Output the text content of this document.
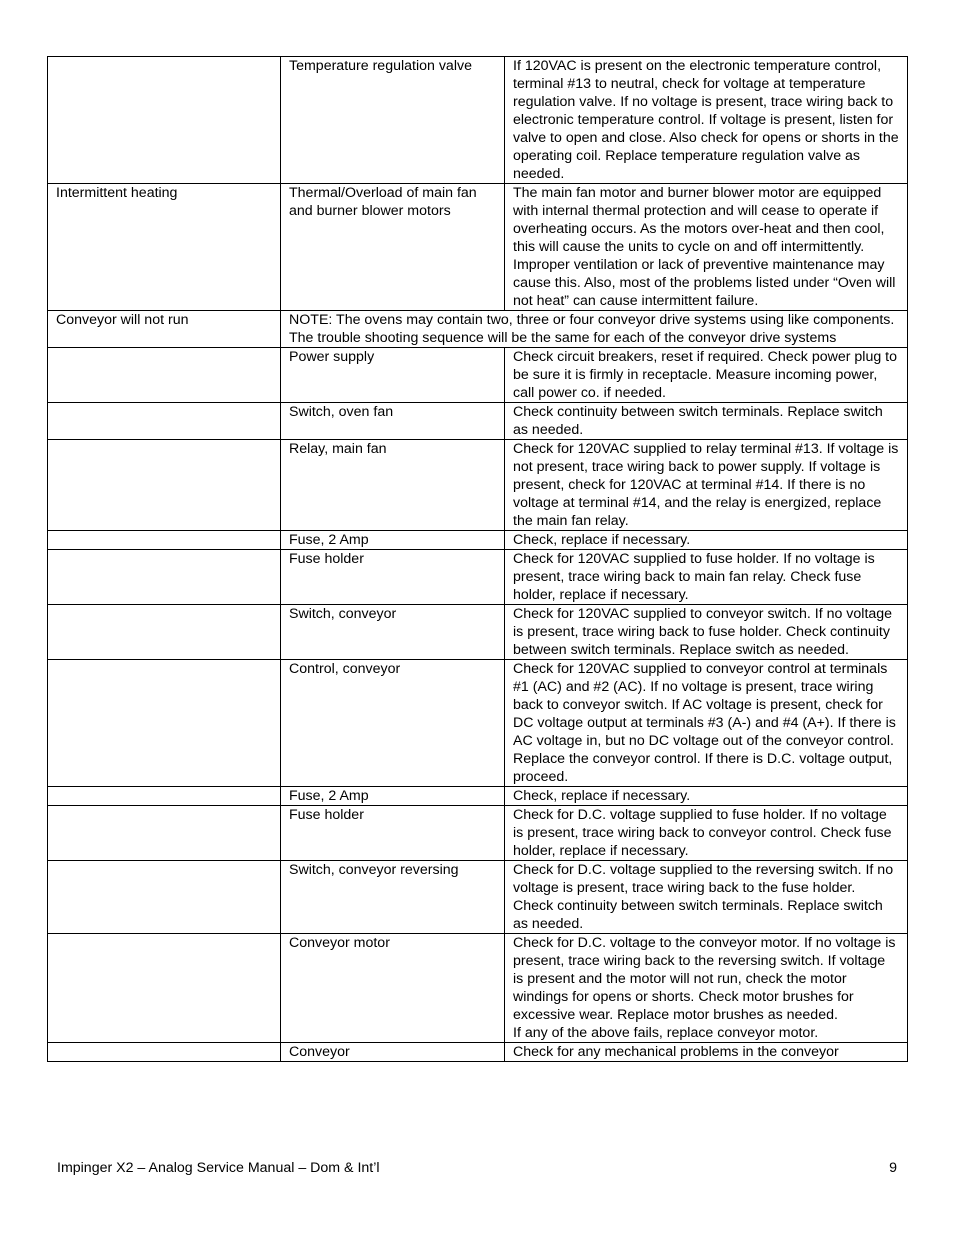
	Temperature regulation valve	If 120VAC is present on the electronic temperature control, terminal #13 to neutral, check for voltage at temperature regulation valve. If no voltage is present, trace wiring back to electronic temperature control. If voltage is present, listen for valve to open and close. Also check for opens or shorts in the operating coil. Replace temperature regulation valve as needed.
Intermittent heating	Thermal/Overload of main fan and burner blower motors	The main fan motor and burner blower motor are equipped with internal thermal protection and will cease to operate if overheating occurs. As the motors over-heat and then cool, this will cause the units to cycle on and off intermittently. Improper ventilation or lack of preventive maintenance may cause this. Also, most of the problems listed under “Oven will not heat” can cause intermittent failure.
Conveyor will not run	NOTE: The ovens may contain two, three or four conveyor drive systems using like components. The trouble shooting sequence will be the same for each of the conveyor drive systems	
	Power supply	Check circuit breakers, reset if required. Check power plug to be sure it is firmly in receptacle. Measure incoming power, call power co. if needed.
	Switch, oven fan	Check continuity between switch terminals. Replace switch as needed.
	Relay, main fan	Check for 120VAC supplied to relay terminal #13. If voltage is not present, trace wiring back to power supply. If voltage is present, check for 120VAC at terminal #14. If there is no voltage at terminal #14, and the relay is energized, replace the main fan relay.
	Fuse, 2 Amp	Check, replace if necessary.
	Fuse holder	Check for 120VAC supplied to fuse holder. If no voltage is present, trace wiring back to main fan relay. Check fuse holder, replace if necessary.
	Switch, conveyor	Check for 120VAC supplied to conveyor switch. If no voltage is present, trace wiring back to fuse holder. Check continuity between switch terminals. Replace switch as needed.
	Control, conveyor	Check for 120VAC supplied to conveyor control at terminals #1 (AC) and #2 (AC). If no voltage is present, trace wiring back to conveyor switch. If AC voltage is present, check for DC voltage output at terminals #3 (A-) and #4 (A+). If there is AC voltage in, but no DC voltage out of the conveyor control. Replace the conveyor control. If there is D.C. voltage output, proceed.
	Fuse, 2 Amp	Check, replace if necessary.
	Fuse holder	Check for D.C. voltage supplied to fuse holder. If no voltage is present, trace wiring back to conveyor control. Check fuse holder, replace if necessary.
	Switch, conveyor reversing	Check for D.C. voltage supplied to the reversing switch. If no voltage is present, trace wiring back to the fuse holder. Check continuity between switch terminals. Replace switch as needed.
	Conveyor motor	Check for D.C. voltage to the conveyor motor. If no voltage is present, trace wiring back to the reversing switch. If voltage is present and the motor will not run, check the motor windings for opens or shorts. Check motor brushes for excessive wear. Replace motor brushes as needed.
If any of the above fails, replace conveyor motor.
	Conveyor	Check for any mechanical problems in the conveyor
Impinger X2 – Analog Service Manual – Dom & Int’l	9
